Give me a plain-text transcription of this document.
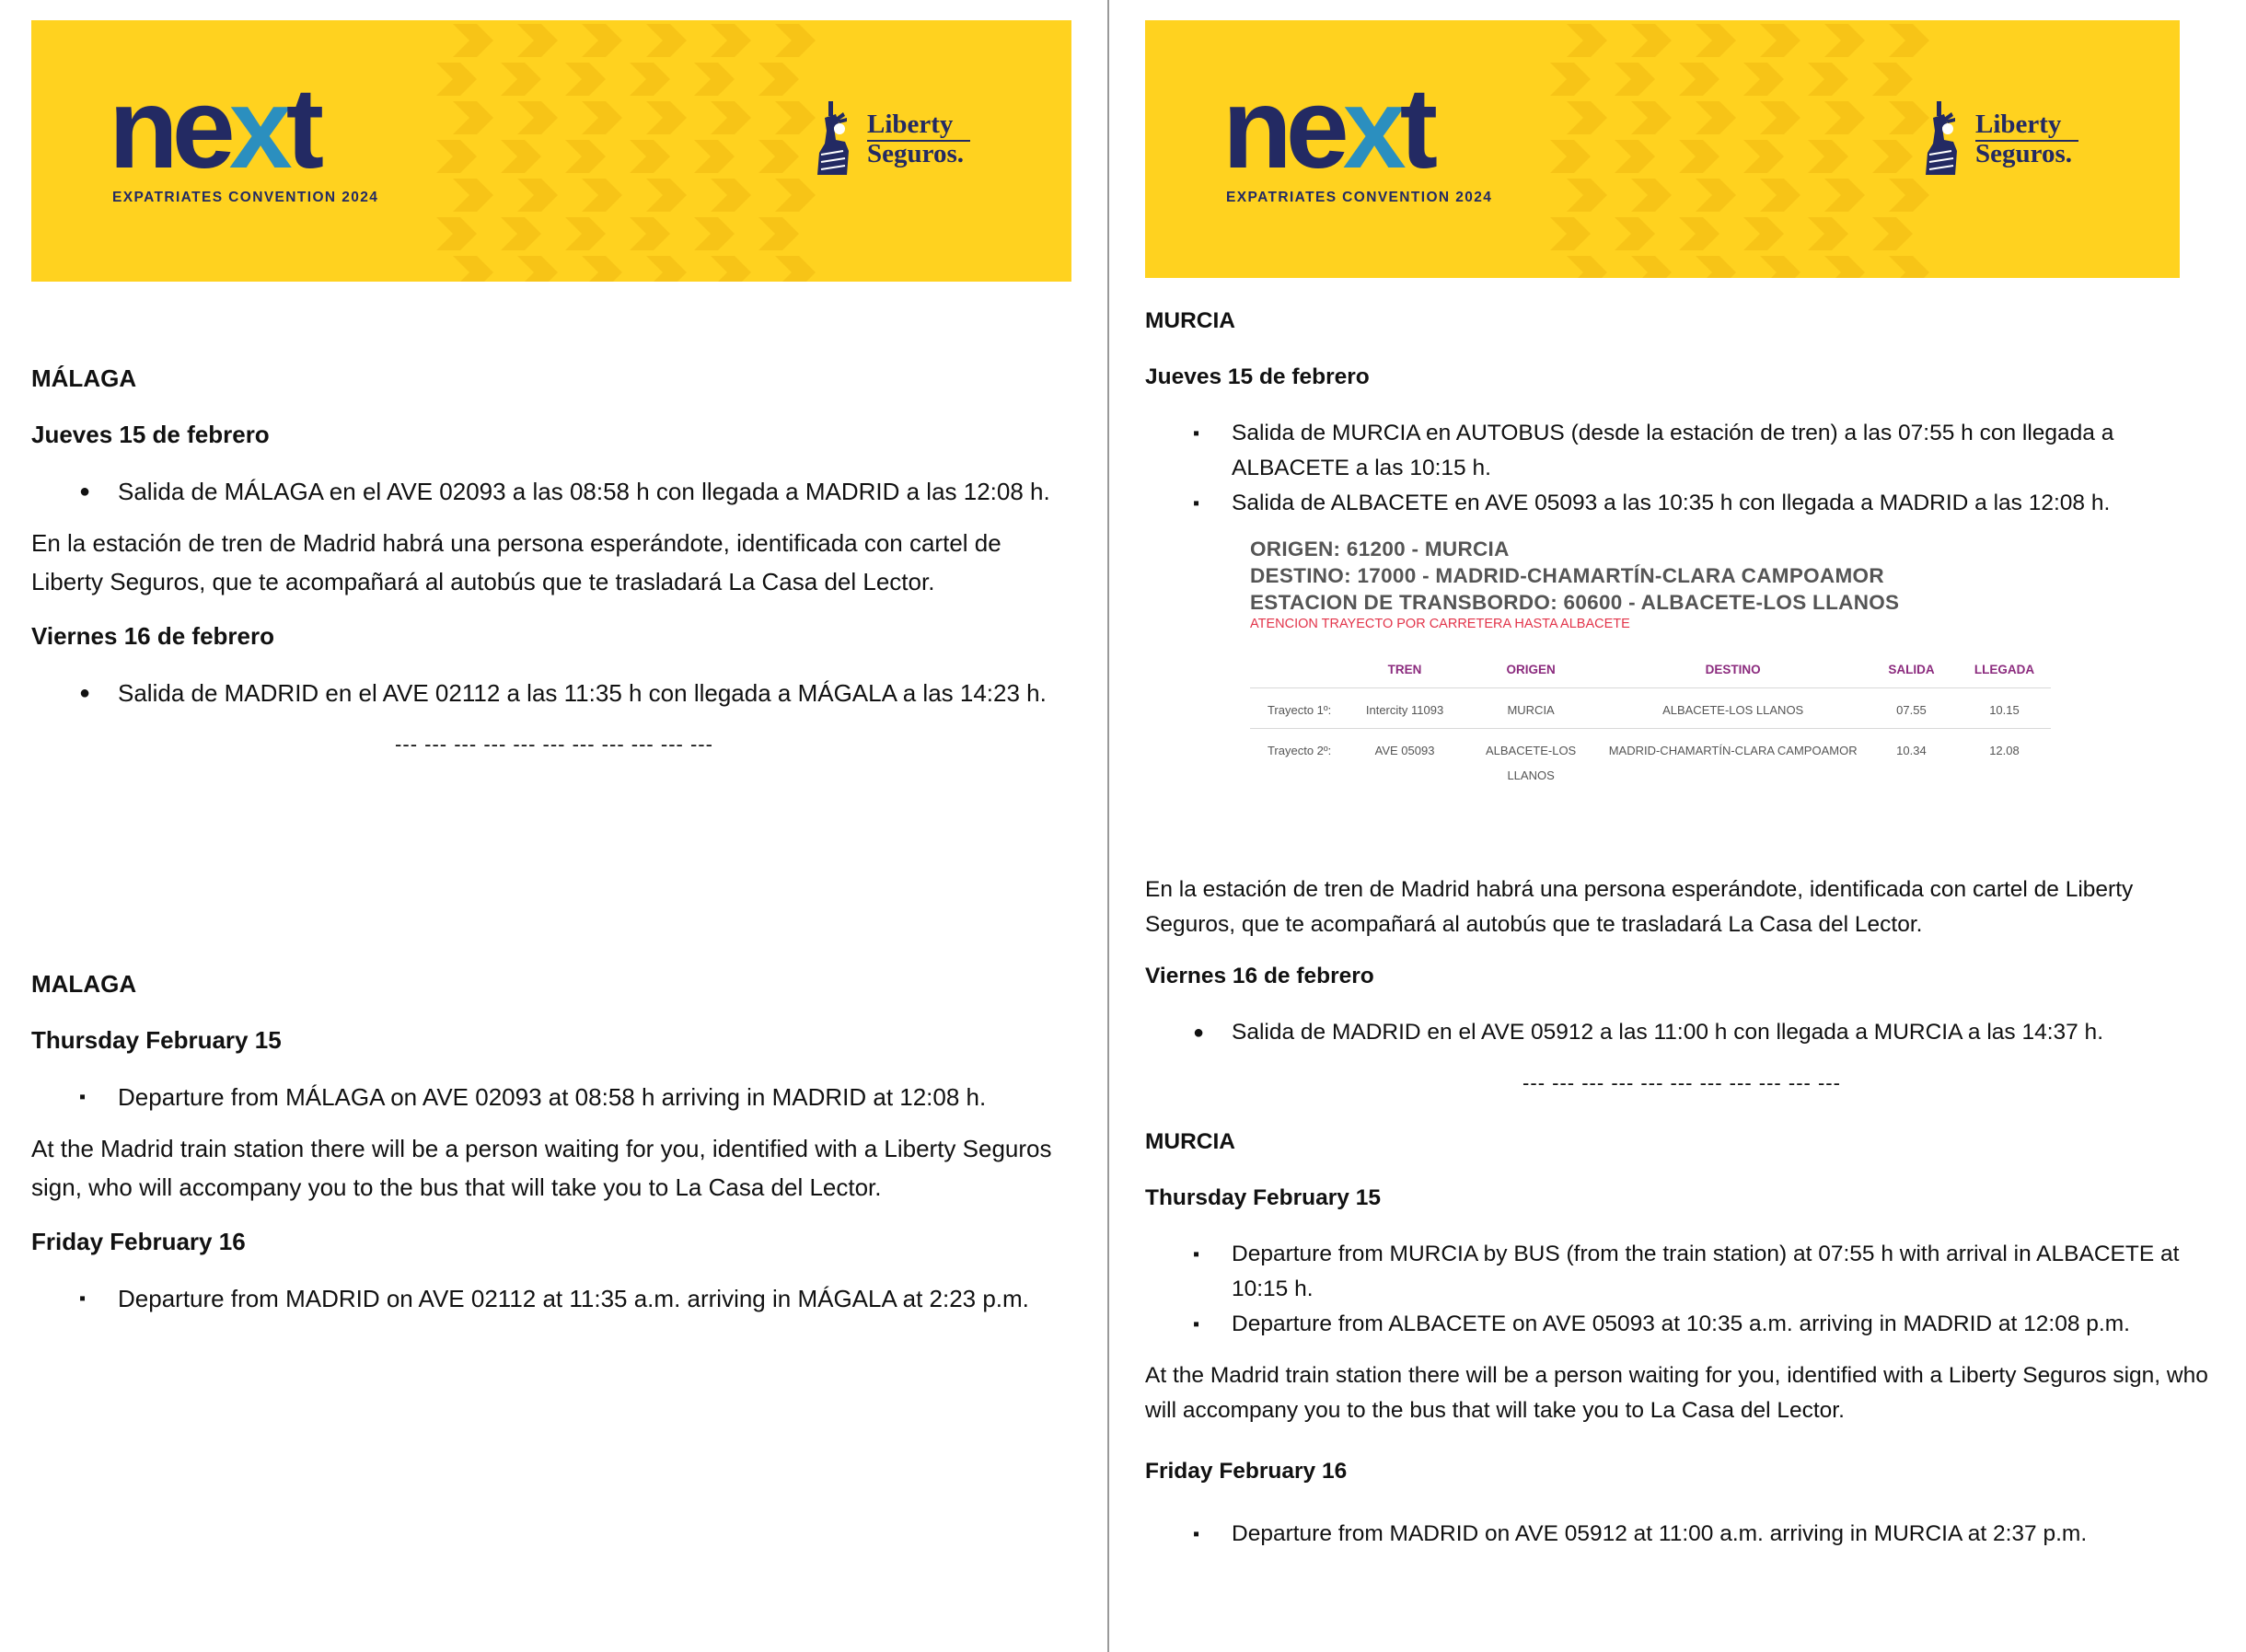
next
EXPATRIATES CONVENTION 2024
Liberty
Seguros.

MÁLAGA

Jueves 15 de febrero

● Salida de MÁLAGA en el AVE 02093 a las 08:58 h con llegada a MADRID a las 12:08 h.

En la estación de tren de Madrid habrá una persona esperándote, identificada con cartel de Liberty Seguros, que te acompañará al autobús que te trasladará La Casa del Lector.

Viernes 16 de febrero

● Salida de MADRID en el AVE 02112 a las 11:35 h con llegada a MÁGALA a las 14:23 h.

--- --- --- --- --- --- --- --- --- --- ---

MALAGA

Thursday February 15

▪ Departure from MÁLAGA on AVE 02093 at 08:58 h arriving in MADRID at 12:08 h.

At the Madrid train station there will be a person waiting for you, identified with a Liberty Seguros sign, who will accompany you to the bus that will take you to La Casa del Lector.

Friday February 16

▪ Departure from MADRID on AVE 02112 at 11:35 a.m. arriving in MÁGALA at 2:23 p.m.
next
EXPATRIATES CONVENTION 2024
Liberty
Seguros.

MURCIA

Jueves 15 de febrero

▪ Salida de MURCIA en AUTOBUS (desde la estación de tren) a las 07:55 h con llegada a ALBACETE a las 10:15 h.
▪ Salida de ALBACETE en AVE 05093 a las 10:35 h con llegada a MADRID a las 12:08 h.
ORIGEN: 61200 - MURCIA
DESTINO: 17000 - MADRID-CHAMARTÍN-CLARA CAMPOAMOR
ESTACION DE TRANSBORDO: 60600 - ALBACETE-LOS LLANOS
ATENCION TRAYECTO POR CARRETERA HASTA ALBACETE
	TREN	ORIGEN	DESTINO	SALIDA	LLEGADA
Trayecto 1º:	Intercity 11093	MURCIA	ALBACETE-LOS LLANOS	07.55	10.15
Trayecto 2º:	AVE 05093	ALBACETE-LOS LLANOS	MADRID-CHAMARTÍN-CLARA CAMPOAMOR	10.34	12.08

En la estación de tren de Madrid habrá una persona esperándote, identificada con cartel de Liberty Seguros, que te acompañará al autobús que te trasladará La Casa del Lector.

Viernes 16 de febrero

● Salida de MADRID en el AVE 05912 a las 11:00 h con llegada a MURCIA a las 14:37 h.

--- --- --- --- --- --- --- --- --- --- ---

MURCIA

Thursday February 15

▪ Departure from MURCIA by BUS (from the train station) at 07:55 h with arrival in ALBACETE at 10:15 h.
▪ Departure from ALBACETE on AVE 05093 at 10:35 a.m. arriving in MADRID at 12:08 p.m.

At the Madrid train station there will be a person waiting for you, identified with a Liberty Seguros sign, who will accompany you to the bus that will take you to La Casa del Lector.

Friday February 16

▪ Departure from MADRID on AVE 05912 at 11:00 a.m. arriving in MURCIA at 2:37 p.m.
